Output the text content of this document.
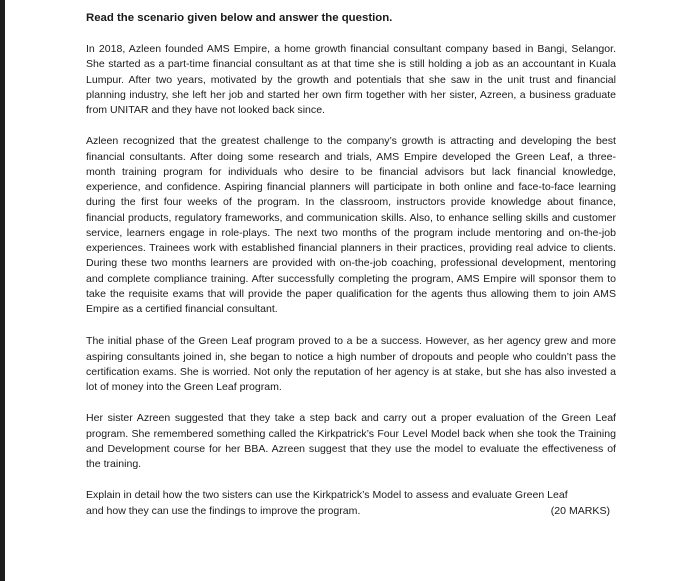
Read the scenario given below and answer the question.

In 2018, Azleen founded AMS Empire, a home growth financial consultant company based in Bangi, Selangor. She started as a part-time financial consultant as at that time she is still holding a job as an accountant in Kuala Lumpur. After two years, motivated by the growth and potentials that she saw in the unit trust and financial planning industry, she left her job and started her own firm together with her sister, Azreen, a business graduate from UNITAR and they have not looked back since.

Azleen recognized that the greatest challenge to the company’s growth is attracting and developing the best financial consultants. After doing some research and trials, AMS Empire developed the Green Leaf, a three-month training program for individuals who desire to be financial advisors but lack financial knowledge, experience, and confidence. Aspiring financial planners will participate in both online and face-to-face learning during the first four weeks of the program. In the classroom, instructors provide knowledge about finance, financial products, regulatory frameworks, and communication skills. Also, to enhance selling skills and customer service, learners engage in role-plays. The next two months of the program include mentoring and on-the-job experiences. Trainees work with established financial planners in their practices, providing real advice to clients. During these two months learners are provided with on-the-job coaching, professional development, mentoring and complete compliance training. After successfully completing the program, AMS Empire will sponsor them to take the requisite exams that will provide the paper qualification for the agents thus allowing them to join AMS Empire as a certified financial consultant.

The initial phase of the Green Leaf program proved to a be a success. However, as her agency grew and more aspiring consultants joined in, she began to notice a high number of dropouts and people who couldn’t pass the certification exams. She is worried. Not only the reputation of her agency is at stake, but she has also invested a lot of money into the Green Leaf program.

Her sister Azreen suggested that they take a step back and carry out a proper evaluation of the Green Leaf program. She remembered something called the Kirkpatrick’s Four Level Model back when she took the Training and Development course for her BBA. Azreen suggest that they use the model to evaluate the effectiveness of the training.

Explain in detail how the two sisters can use the Kirkpatrick’s Model to assess and evaluate Green Leaf
and how they can use the findings to improve the program.	(20 MARKS)
